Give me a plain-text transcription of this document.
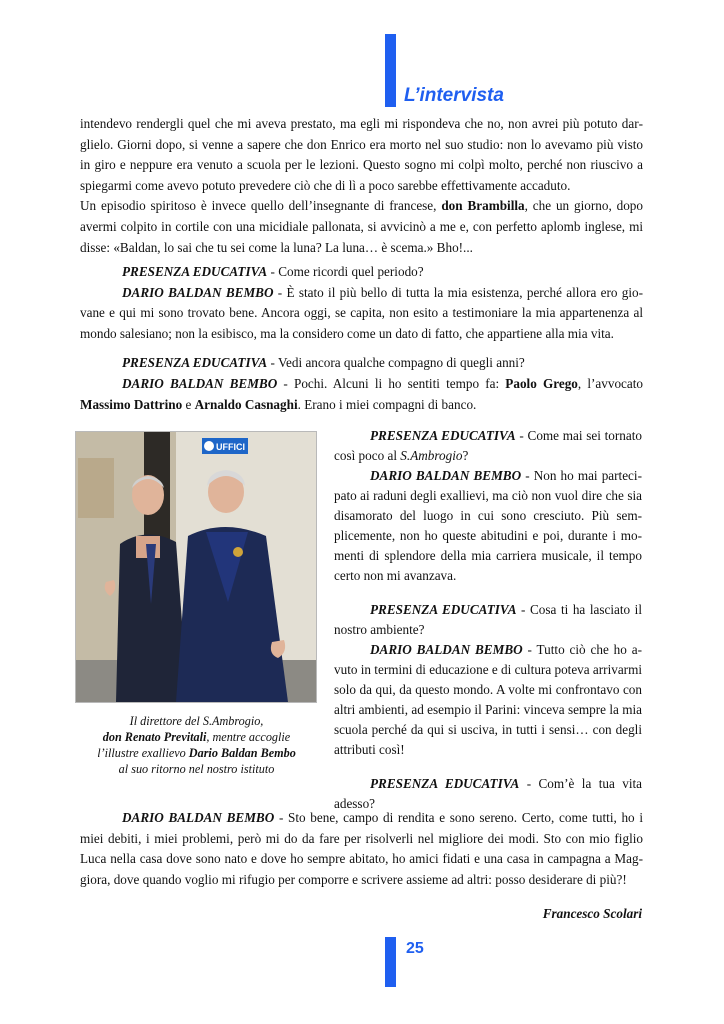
L’intervista

intendevo rendergli quel che mi aveva prestato, ma egli mi rispondeva che no, non avrei più potuto darglielo. Giorni dopo, si venne a sapere che don Enrico era morto nel suo studio: non lo avevamo più visto in giro e neppure era venuto a scuola per le lezioni. Questo sogno mi colpì molto, perché non riuscivo a spiegarmi come avevo potuto prevedere ciò che di lì a poco sarebbe effettivamente accaduto.

Un episodio spiritoso è invece quello dell’insegnante di francese, don Brambilla, che un giorno, dopo avermi colpito in cortile con una micidiale pallonata, si avvicinò a me e, con perfetto aplomb inglese, mi disse: «Baldan, lo sai che tu sei come la luna? La luna… è scema.» Bho!...

PRESENZA EDUCATIVA - Come ricordi quel periodo?

DARIO BALDAN BEMBO - È stato il più bello di tutta la mia esistenza, perché allora ero giovane e qui mi sono trovato bene. Ancora oggi, se capita, non esito a testimoniare la mia appartenenza al mondo salesiano; non la esibisco, ma la considero come un dato di fatto, che appartiene alla mia vita.

PRESENZA EDUCATIVA - Vedi ancora qualche compagno di quegli anni?

DARIO BALDAN BEMBO - Pochi. Alcuni li ho sentiti tempo fa: Paolo Grego, l’avvocato Massimo Dattrino e Arnaldo Casnaghi. Erano i miei compagni di banco.

UFFICI
Il direttore del S.Ambrogio,
don Renato Previtali, mentre accoglie
l’illustre exallievo Dario Baldan Bembo
al suo ritorno nel nostro istituto

PRESENZA EDUCATIVA - Come mai sei tornato così poco al S.Ambrogio?

DARIO BALDAN BEMBO - Non ho mai partecipato ai raduni degli exallievi, ma ciò non vuol dire che sia disamorato del luogo in cui sono cresciuto. Più semplicemente, non ho queste abitudini e poi, durante i momenti di splendore della mia carriera musicale, il tempo certo non mi avanzava.

PRESENZA EDUCATIVA - Cosa ti ha lasciato il nostro ambiente?

DARIO BALDAN BEMBO - Tutto ciò che ho avuto in termini di educazione e di cultura poteva arrivarmi solo da qui, da questo mondo. A volte mi confrontavo con altri ambienti, ad esempio il Parini: vinceva sempre la mia scuola perché da qui si usciva, in tutti i sensi… con degli attributi così!

PRESENZA EDUCATIVA - Com’è la tua vita adesso?

DARIO BALDAN BEMBO - Sto bene, campo di rendita e sono sereno. Certo, come tutti, ho i miei debiti, i miei problemi, però mi do da fare per risolverli nel migliore dei modi. Sto con mio figlio Luca nella casa dove sono nato e dove ho sempre abitato, ho amici fidati e una casa in campagna a Maggiora, dove quando voglio mi rifugio per comporre e scrivere assieme ad altri: posso desiderare di più?!

Francesco Scolari
25
